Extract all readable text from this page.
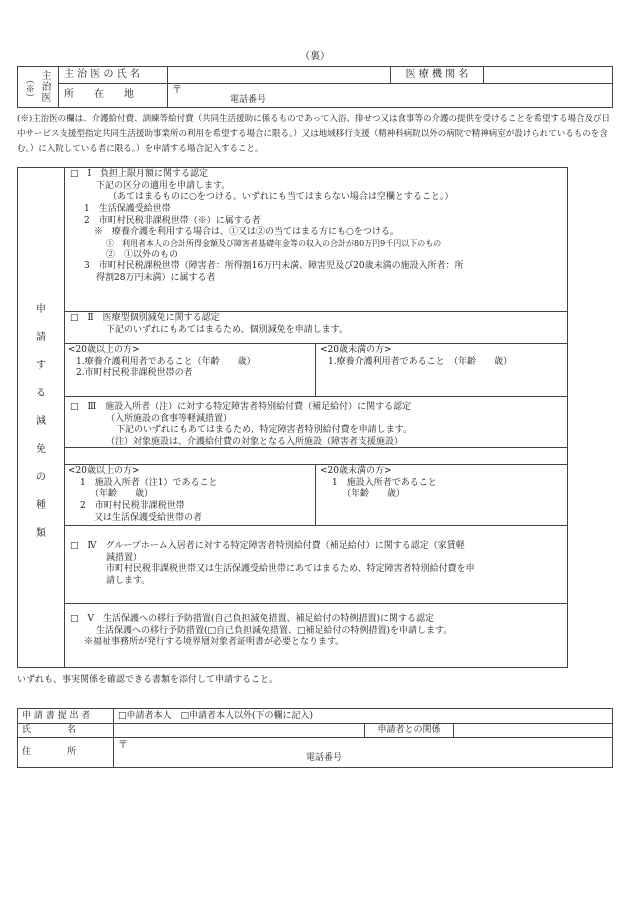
（裏）
（※） 主治医	主 治 医 の 氏 名	医 療 機 関 名
所　　在　　地	〒
電話番号
(※)主治医の欄は、介護給付費、訓練等給付費（共同生活援助に係るものであって入浴、排せつ又は食事等の介護の提供を受けることを希望する場合及び日中サービス支援型指定共同生活援助事業所の利用を希望する場合に限る。）又は地域移行支援（精神科病院以外の病院で精神病室が設けられているものを含む。）に入院している者に限る。）を申請する場合記入すること。
申
請
す
る
減
免
の
種
類

□　Ⅰ　負担上限月額に関する認定

下記の区分の適用を申請します。

（あてはまるものに○をつける。いずれにも当てはまらない場合は空欄とすること。）

1　生活保護受給世帯

2　市町村民税非課税世帯（※）に属する者

※　療養介護を利用する場合は、①又は②の当てはまる方にも○をつける。

①　利用者本人の合計所得金額及び障害者基礎年金等の収入の合計が80万円9千円以下のもの

②　①以外のもの

3　市町村民税課税世帯（障害者：所得割16万円未満、障害児及び20歳未満の施設入所者：所

得割28万円未満）に属する者

□　Ⅱ　医療型個別減免に関する認定

下記のいずれにもあてはまるため、個別減免を申請します。

<20歳以上の方>

1.療養介護利用者であること（年齢　　歳）

2.市町村民税非課税世帯の者

<20歳未満の方>

1.療養介護利用者であること　（年齢　　歳）

□　Ⅲ　施設入所者（注）に対する特定障害者特別給付費（補足給付）に関する認定

（入所施設の食事等軽減措置）

下記のいずれにもあてはまるため、特定障害者特別給付費を申請します。

（注）対象施設は、介護給付費の対象となる入所施設（障害者支援施設）

<20歳以上の方>

1　施設入所者（注1）であること

（年齢　　歳）

2　市町村民税非課税世帯

又は生活保護受給世帯の者

<20歳未満の方>

1　施設入所者であること

（年齢　　歳）

□　Ⅳ　グループホーム入居者に対する特定障害者特別給付費（補足給付）に関する認定（家賃軽

減措置）

市町村民税非課税世帯又は生活保護受給世帯にあてはまるため、特定障害者特別給付費を申

請します。

□　Ⅴ　生活保護への移行予防措置(自己負担減免措置、補足給付の特例措置)に関する認定

生活保護への移行予防措置(□自己負担減免措置、□補足給付の特例措置)を申請します。

※福祉事務所が発行する境界層対象者証明書が必要となります。

いずれも、事実関係を確認できる書類を添付して申請すること。
申 請 書 提 出 者	□申請者本人　□申請者本人以外(下の欄に記入)
氏　　　　名	申請者との関係
住　　　　所
〒
電話番号
